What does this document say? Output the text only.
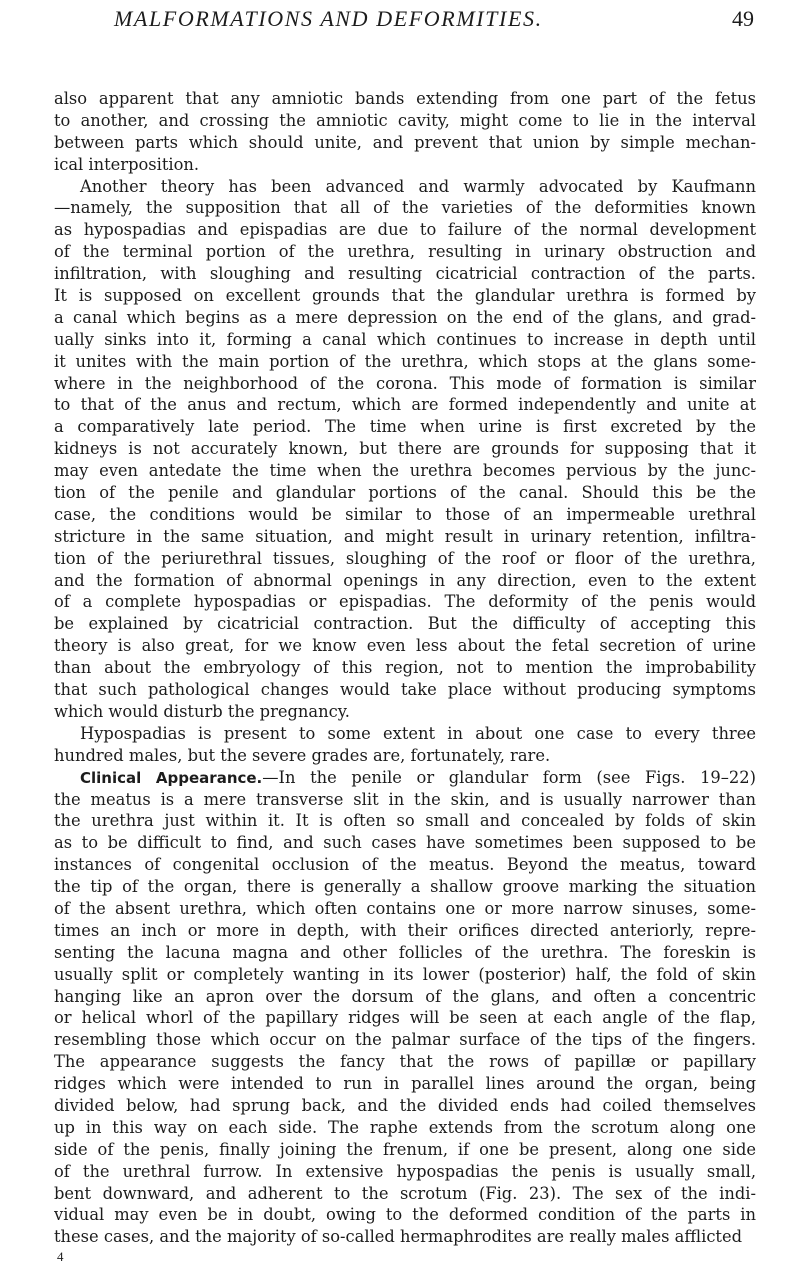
MALFORMATIONS AND DEFORMITIES.	49
also apparent that any amniotic bands extending from one part of the fetus
to another, and crossing the amniotic cavity, might come to lie in the interval
between parts which should unite, and prevent that union by simple mechan-
ical interposition.
Another theory has been advanced and warmly advocated by Kaufmann
—namely, the supposition that all of the varieties of the deformities known
as hypospadias and epispadias are due to failure of the normal development
of the terminal portion of the urethra, resulting in urinary obstruction and
infiltration, with sloughing and resulting cicatricial contraction of the parts.
It is supposed on excellent grounds that the glandular urethra is formed by
a canal which begins as a mere depression on the end of the glans, and grad-
ually sinks into it, forming a canal which continues to increase in depth until
it unites with the main portion of the urethra, which stops at the glans some-
where in the neighborhood of the corona. This mode of formation is similar
to that of the anus and rectum, which are formed independently and unite at
a comparatively late period. The time when urine is first excreted by the
kidneys is not accurately known, but there are grounds for supposing that it
may even antedate the time when the urethra becomes pervious by the junc-
tion of the penile and glandular portions of the canal. Should this be the
case, the conditions would be similar to those of an impermeable urethral
stricture in the same situation, and might result in urinary retention, infiltra-
tion of the periurethral tissues, sloughing of the roof or floor of the urethra,
and the formation of abnormal openings in any direction, even to the extent
of a complete hypospadias or epispadias. The deformity of the penis would
be explained by cicatricial contraction. But the difficulty of accepting this
theory is also great, for we know even less about the fetal secretion of urine
than about the embryology of this region, not to mention the improbability
that such pathological changes would take place without producing symptoms
which would disturb the pregnancy.
Hypospadias is present to some extent in about one case to every three
hundred males, but the severe grades are, fortunately, rare.
Clinical Appearance.—In the penile or glandular form (see Figs. 19–22)
the meatus is a mere transverse slit in the skin, and is usually narrower than
the urethra just within it. It is often so small and concealed by folds of skin
as to be difficult to find, and such cases have sometimes been supposed to be
instances of congenital occlusion of the meatus. Beyond the meatus, toward
the tip of the organ, there is generally a shallow groove marking the situation
of the absent urethra, which often contains one or more narrow sinuses, some-
times an inch or more in depth, with their orifices directed anteriorly, repre-
senting the lacuna magna and other follicles of the urethra. The foreskin is
usually split or completely wanting in its lower (posterior) half, the fold of skin
hanging like an apron over the dorsum of the glans, and often a concentric
or helical whorl of the papillary ridges will be seen at each angle of the flap,
resembling those which occur on the palmar surface of the tips of the fingers.
The appearance suggests the fancy that the rows of papillæ or papillary
ridges which were intended to run in parallel lines around the organ, being
divided below, had sprung back, and the divided ends had coiled themselves
up in this way on each side. The raphe extends from the scrotum along one
side of the penis, finally joining the frenum, if one be present, along one side
of the urethral furrow. In extensive hypospadias the penis is usually small,
bent downward, and adherent to the scrotum (Fig. 23). The sex of the indi-
vidual may even be in doubt, owing to the deformed condition of the parts in
these cases, and the majority of so-called hermaphrodites are really males afflicted
4
